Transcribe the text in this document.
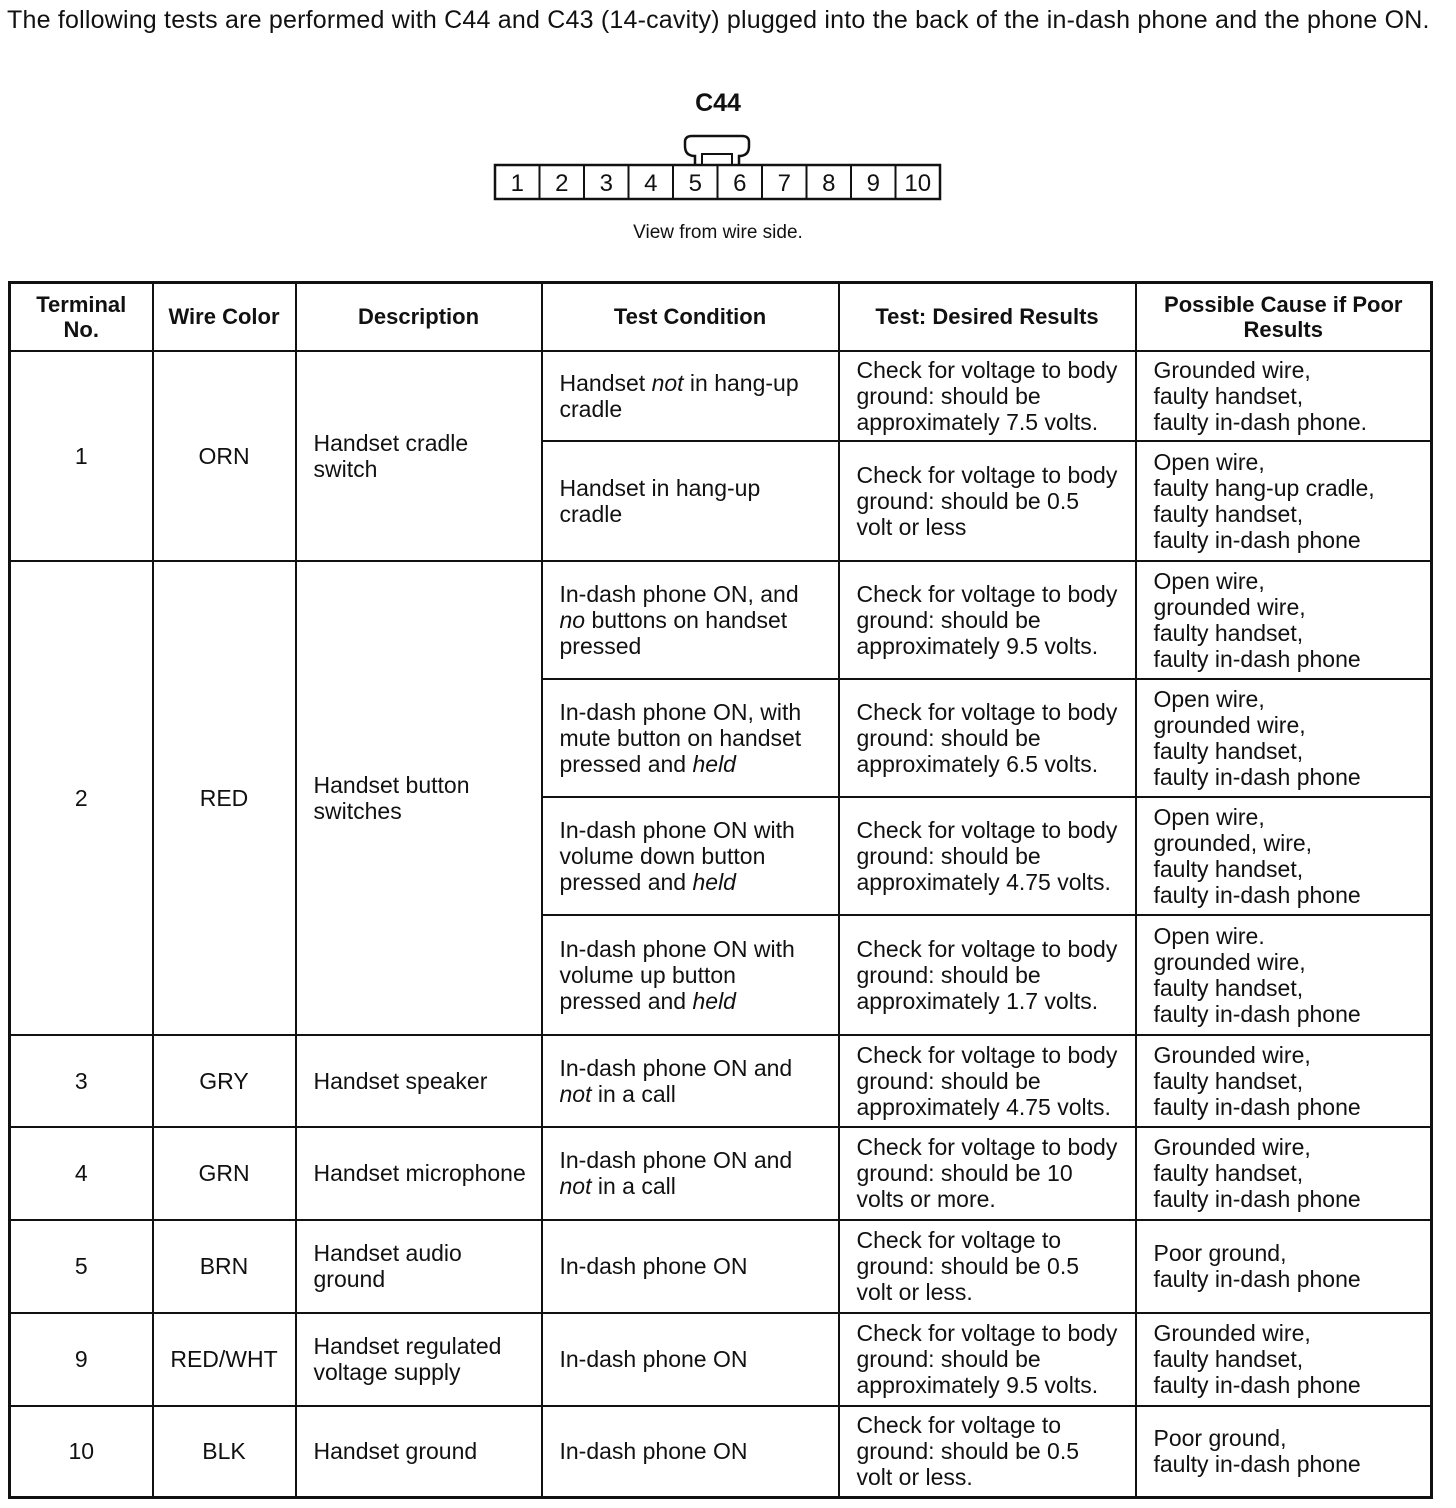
The following tests are performed with C44 and C43 (14-cavity) plugged into the back of the in-dash phone and the phone ON.
C44
1 2 3 4 5 6 7 8 9 10
View from wire side.
Terminal No.	Wire Color	Description	Test Condition	Test: Desired Results	Possible Cause if Poor Results
1	ORN	Handset cradle switch	Handset not in hang-up cradle	Check for voltage to body ground: should be approximately 7.5 volts.	Grounded wire,
faulty handset,
faulty in-dash phone.

			Handset in hang-up cradle	Check for voltage to body ground: should be 0.5 volt or less	Open wire,
faulty hang-up cradle,
faulty handset,
faulty in-dash phone

2	RED	Handset button switches	In-dash phone ON, and no buttons on handset pressed	Check for voltage to body ground: should be approximately 9.5 volts.	Open wire,
grounded wire,
faulty handset,
faulty in-dash phone

			In-dash phone ON, with mute button on handset pressed and held	Check for voltage to body ground: should be approximately 6.5 volts.	Open wire,
grounded wire,
faulty handset,
faulty in-dash phone

			In-dash phone ON with volume down button pressed and held	Check for voltage to body ground: should be approximately 4.75 volts.	Open wire,
grounded, wire,
faulty handset,
faulty in-dash phone

			In-dash phone ON with volume up button pressed and held	Check for voltage to body ground: should be approximately 1.7 volts.	Open wire.
grounded wire,
faulty handset,
faulty in-dash phone

3	GRY	Handset speaker	In-dash phone ON and not in a call	Check for voltage to body ground: should be approximately 4.75 volts.	Grounded wire,
faulty handset,
faulty in-dash phone

4	GRN	Handset microphone	In-dash phone ON and not in a call	Check for voltage to body ground: should be 10 volts or more.	Grounded wire,
faulty handset,
faulty in-dash phone

5	BRN	Handset audio ground	In-dash phone ON	Check for voltage to ground: should be 0.5 volt or less.	Poor ground,
faulty in-dash phone

9	RED/WHT	Handset regulated voltage supply	In-dash phone ON	Check for voltage to body ground: should be approximately 9.5 volts.	Grounded wire,
faulty handset,
faulty in-dash phone

10	BLK	Handset ground	In-dash phone ON	Check for voltage to ground: should be 0.5 volt or less.	Poor ground,
faulty in-dash phone
